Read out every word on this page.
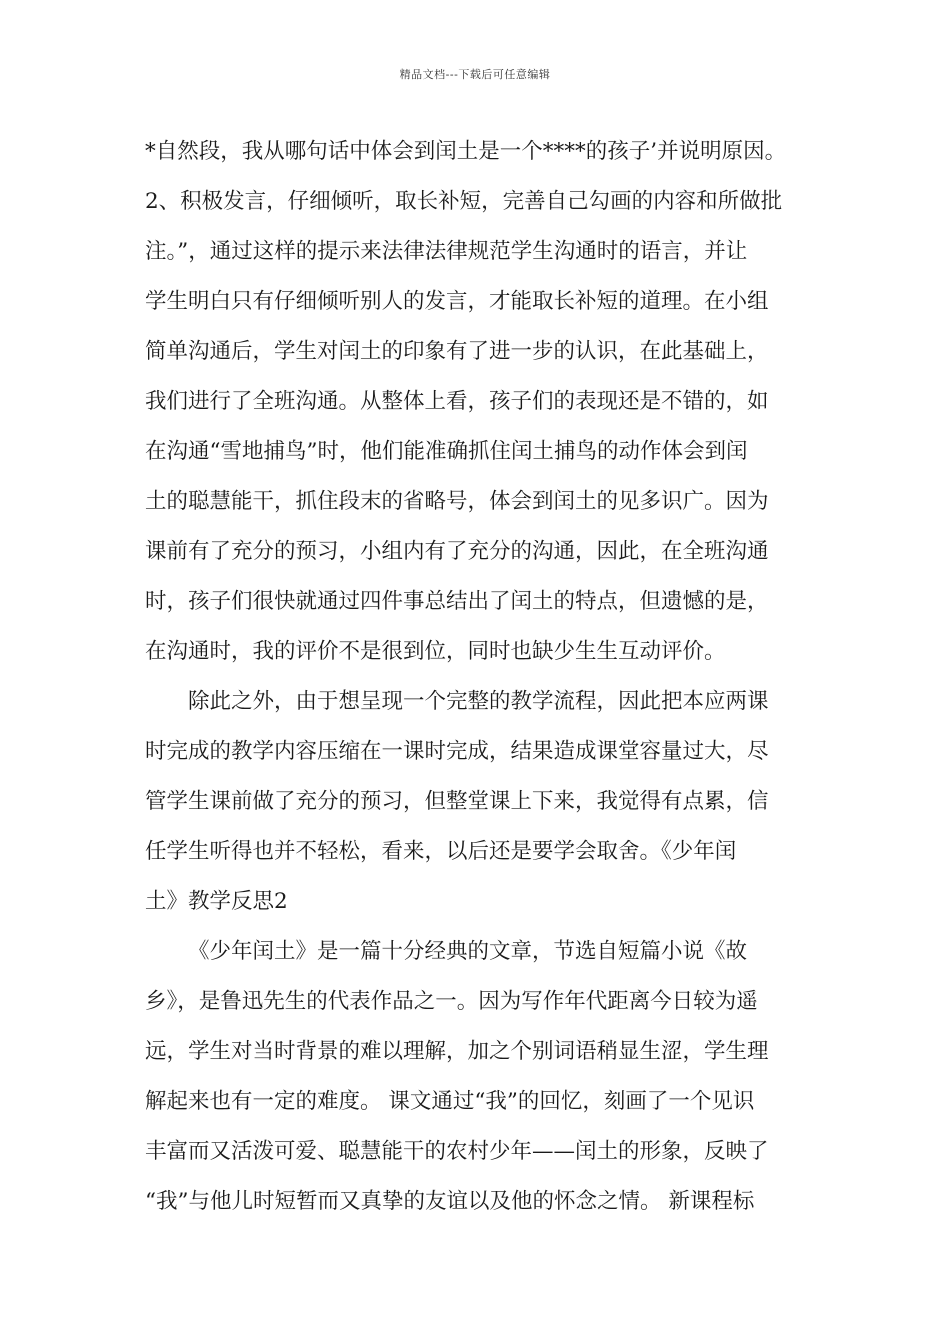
精品文档---下载后可任意编辑
*自然段，我从哪句话中体会到闰土是一个****的孩子’并说明原因。
2、积极发言，仔细倾听，取长补短，完善自己勾画的内容和所做批
注。”，通过这样的提示来法律法律规范学生沟通时的语言，并让
学生明白只有仔细倾听别人的发言，才能取长补短的道理。在小组
简单沟通后，学生对闰土的印象有了进一步的认识，在此基础上，
我们进行了全班沟通。从整体上看，孩子们的表现还是不错的，如
在沟通“雪地捕鸟”时，他们能准确抓住闰土捕鸟的动作体会到闰
土的聪慧能干，抓住段末的省略号，体会到闰土的见多识广。因为
课前有了充分的预习，小组内有了充分的沟通，因此，在全班沟通
时，孩子们很快就通过四件事总结出了闰土的特点，但遗憾的是，
在沟通时，我的评价不是很到位，同时也缺少生生互动评价。
除此之外，由于想呈现一个完整的教学流程，因此把本应两课
时完成的教学内容压缩在一课时完成，结果造成课堂容量过大，尽
管学生课前做了充分的预习，但整堂课上下来，我觉得有点累，信
任学生听得也并不轻松，看来，以后还是要学会取舍。《少年闰
土》教学反思2
《少年闰土》是一篇十分经典的文章，节选自短篇小说《故
乡》，是鲁迅先生的代表作品之一。因为写作年代距离今日较为遥
远，学生对当时背景的难以理解，加之个别词语稍显生涩，学生理
解起来也有一定的难度。 课文通过“我”的回忆，刻画了一个见识
丰富而又活泼可爱、聪慧能干的农村少年——闰土的形象，反映了
“我”与他儿时短暂而又真挚的友谊以及他的怀念之情。 新课程标
